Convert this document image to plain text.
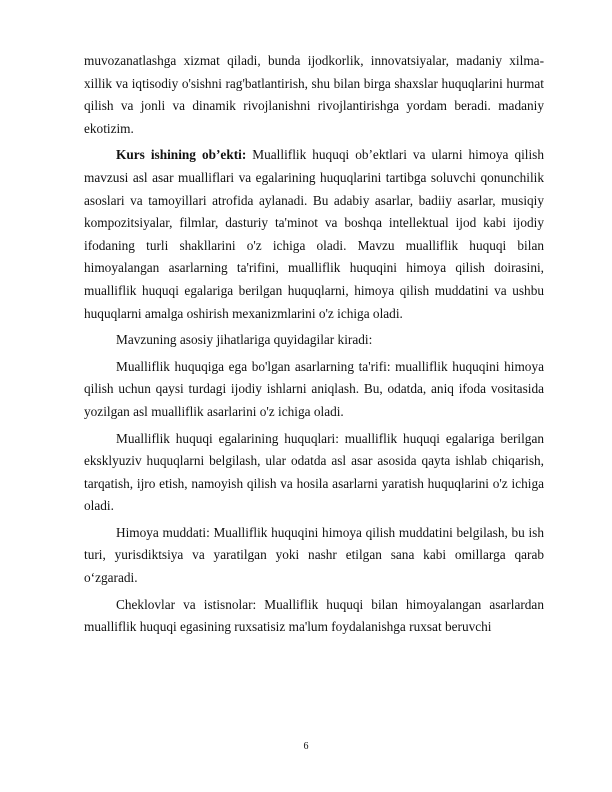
muvozanatlashga xizmat qiladi, bunda ijodkorlik, innovatsiyalar, madaniy xilma-xillik va iqtisodiy o'sishni rag'batlantirish, shu bilan birga shaxslar huquqlarini hurmat qilish va jonli va dinamik rivojlanishni rivojlantirishga yordam beradi. madaniy ekotizim.

Kurs ishining ob’ekti: Mualliflik huquqi ob’ektlari va ularni himoya qilish mavzusi asl asar mualliflari va egalarining huquqlarini tartibga soluvchi qonunchilik asoslari va tamoyillari atrofida aylanadi. Bu adabiy asarlar, badiiy asarlar, musiqiy kompozitsiyalar, filmlar, dasturiy ta'minot va boshqa intellektual ijod kabi ijodiy ifodaning turli shakllarini o'z ichiga oladi. Mavzu mualliflik huquqi bilan himoyalangan asarlarning ta'rifini, mualliflik huquqini himoya qilish doirasini, mualliflik huquqi egalariga berilgan huquqlarni, himoya qilish muddatini va ushbu huquqlarni amalga oshirish mexanizmlarini o'z ichiga oladi.

Mavzuning asosiy jihatlariga quyidagilar kiradi:

Mualliflik huquqiga ega bo'lgan asarlarning ta'rifi: mualliflik huquqini himoya qilish uchun qaysi turdagi ijodiy ishlarni aniqlash. Bu, odatda, aniq ifoda vositasida yozilgan asl mualliflik asarlarini o'z ichiga oladi.

Mualliflik huquqi egalarining huquqlari: mualliflik huquqi egalariga berilgan eksklyuziv huquqlarni belgilash, ular odatda asl asar asosida qayta ishlab chiqarish, tarqatish, ijro etish, namoyish qilish va hosila asarlarni yaratish huquqlarini o'z ichiga oladi.

Himoya muddati: Mualliflik huquqini himoya qilish muddatini belgilash, bu ish turi, yurisdiktsiya va yaratilgan yoki nashr etilgan sana kabi omillarga qarab o‘zgaradi.

Cheklovlar va istisnolar: Mualliflik huquqi bilan himoyalangan asarlardan mualliflik huquqi egasining ruxsatisiz ma'lum foydalanishga ruxsat beruvchi

6
